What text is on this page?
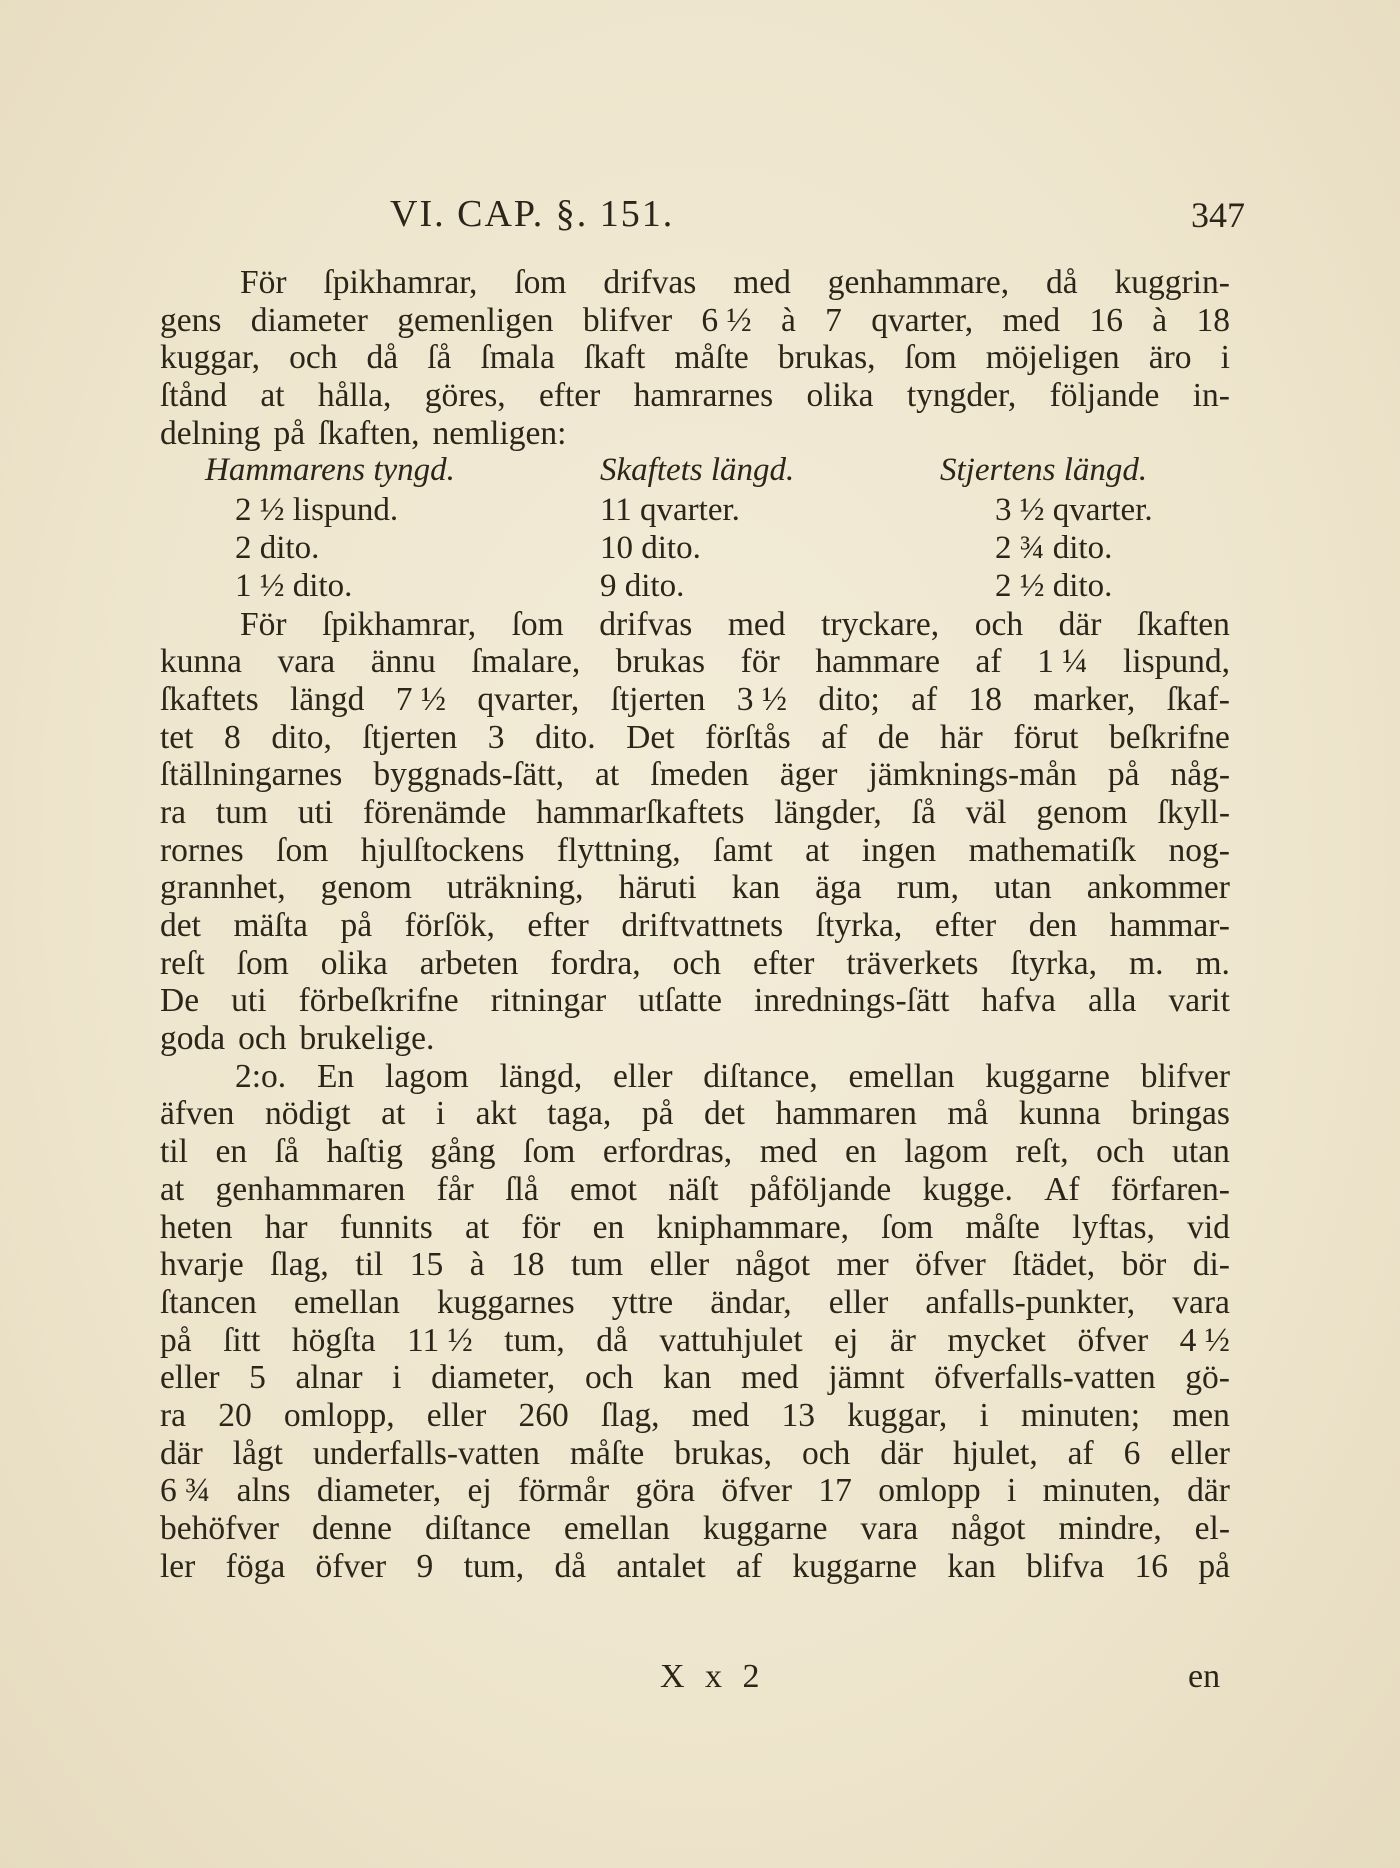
VI. CAP. §. 151.	347
För ſpikhamrar, ſom drifvas med genhammare, då kuggrin-
gens diameter gemenligen blifver 6 ½ à 7 qvarter, med 16 à 18
kuggar, och då ſå ſmala ſkaft måſte brukas, ſom möjeligen äro i
ſtånd at hålla, göres, efter hamrarnes olika tyngder, följande in-
delning på ſkaften, nemligen:
Hammarens tyngd.	Skaftets längd.	Stjertens längd.
2 ½ lispund.	11 qvarter.	3 ½ qvarter.
2 dito.	10 dito.	2 ¾ dito.
1 ½ dito.	9 dito.	2 ½ dito.
För ſpikhamrar, ſom drifvas med tryckare, och där ſkaften
kunna vara ännu ſmalare, brukas för hammare af 1 ¼ lispund,
ſkaftets längd 7 ½ qvarter, ſtjerten 3 ½ dito; af 18 marker, ſkaf-
tet 8 dito, ſtjerten 3 dito. Det förſtås af de här förut beſkrifne
ſtällningarnes byggnads-ſätt, at ſmeden äger jämknings-mån på någ-
ra tum uti förenämde hammarſkaftets längder, ſå väl genom ſkyll-
rornes ſom hjulſtockens flyttning, ſamt at ingen mathematiſk nog-
grannhet, genom uträkning, häruti kan äga rum, utan ankommer
det mäſta på förſök, efter driftvattnets ſtyrka, efter den hammar-
reſt ſom olika arbeten fordra, och efter träverkets ſtyrka, m. m.
De uti förbeſkrifne ritningar utſatte inrednings-ſätt hafva alla varit
goda och brukelige.
2:o. En lagom längd, eller diſtance, emellan kuggarne blifver
äfven nödigt at i akt taga, på det hammaren må kunna bringas
til en ſå haſtig gång ſom erfordras, med en lagom reſt, och utan
at genhammaren får ſlå emot näſt påföljande kugge. Af förfaren-
heten har funnits at för en kniphammare, ſom måſte lyftas, vid
hvarje ſlag, til 15 à 18 tum eller något mer öfver ſtädet, bör di-
ſtancen emellan kuggarnes yttre ändar, eller anfalls-punkter, vara
på ſitt högſta 11 ½ tum, då vattuhjulet ej är mycket öfver 4 ½
eller 5 alnar i diameter, och kan med jämnt öfverfalls-vatten gö-
ra 20 omlopp, eller 260 ſlag, med 13 kuggar, i minuten; men
där lågt underfalls-vatten måſte brukas, och där hjulet, af 6 eller
6 ¾ alns diameter, ej förmår göra öfver 17 omlopp i minuten, där
behöfver denne diſtance emellan kuggarne vara något mindre, el-
ler föga öfver 9 tum, då antalet af kuggarne kan blifva 16 på
X x 2	en
